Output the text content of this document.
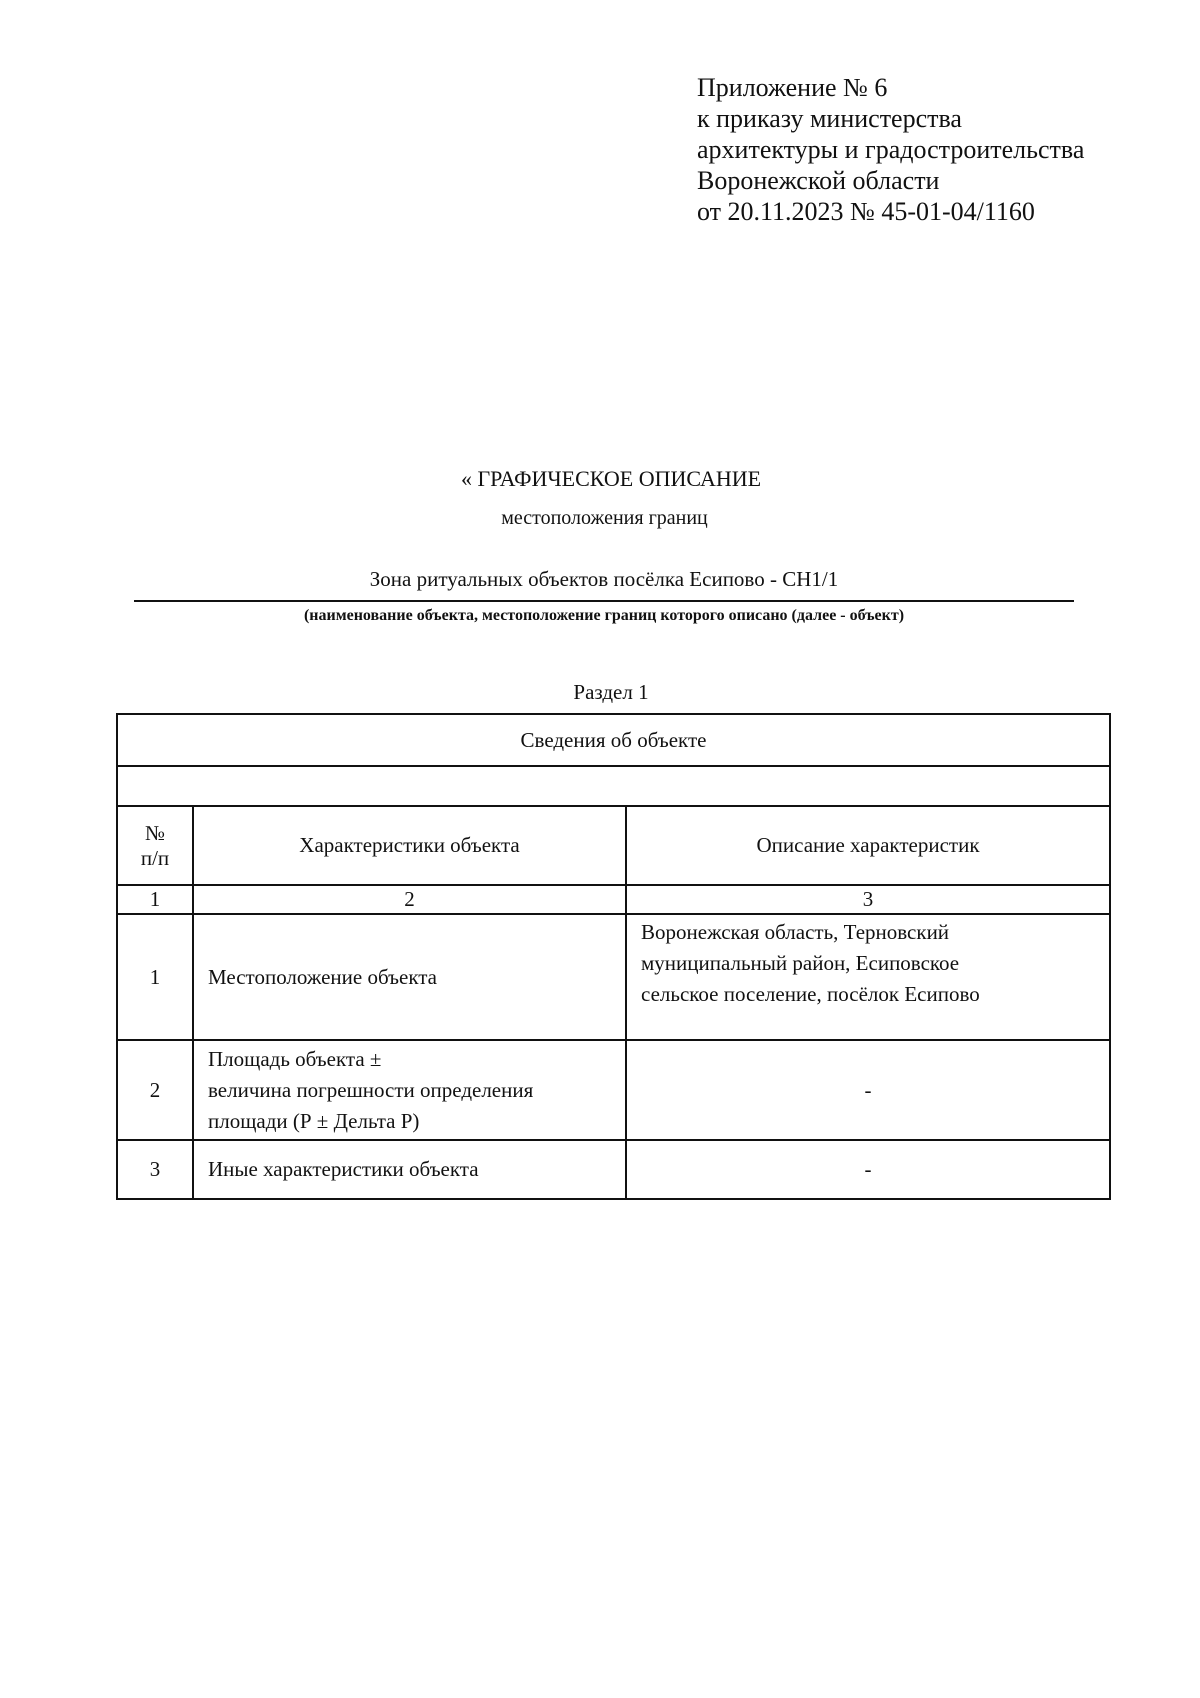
Приложение № 6
к приказу министерства
архитектуры и градостроительства
Воронежской области
от 20.11.2023 № 45-01-04/1160
« ГРАФИЧЕСКОЕ ОПИСАНИЕ
местоположения границ
Зона ритуальных объектов посёлка Есипово - СН1/1
(наименование объекта, местоположение границ которого описано (далее - объект)
Раздел 1
Сведения об объекте		

№
п/п	Характеристики объекта	Описание характеристик
1	2	3
1	Местоположение объекта	Воронежская область, Терновский
муниципальный район, Есиповское
сельское поселение, посёлок Есипово

2	Площадь объекта ±
величина погрешности определения
площади (Р ± Дельта Р)	-

3	Иные характеристики объекта	-
